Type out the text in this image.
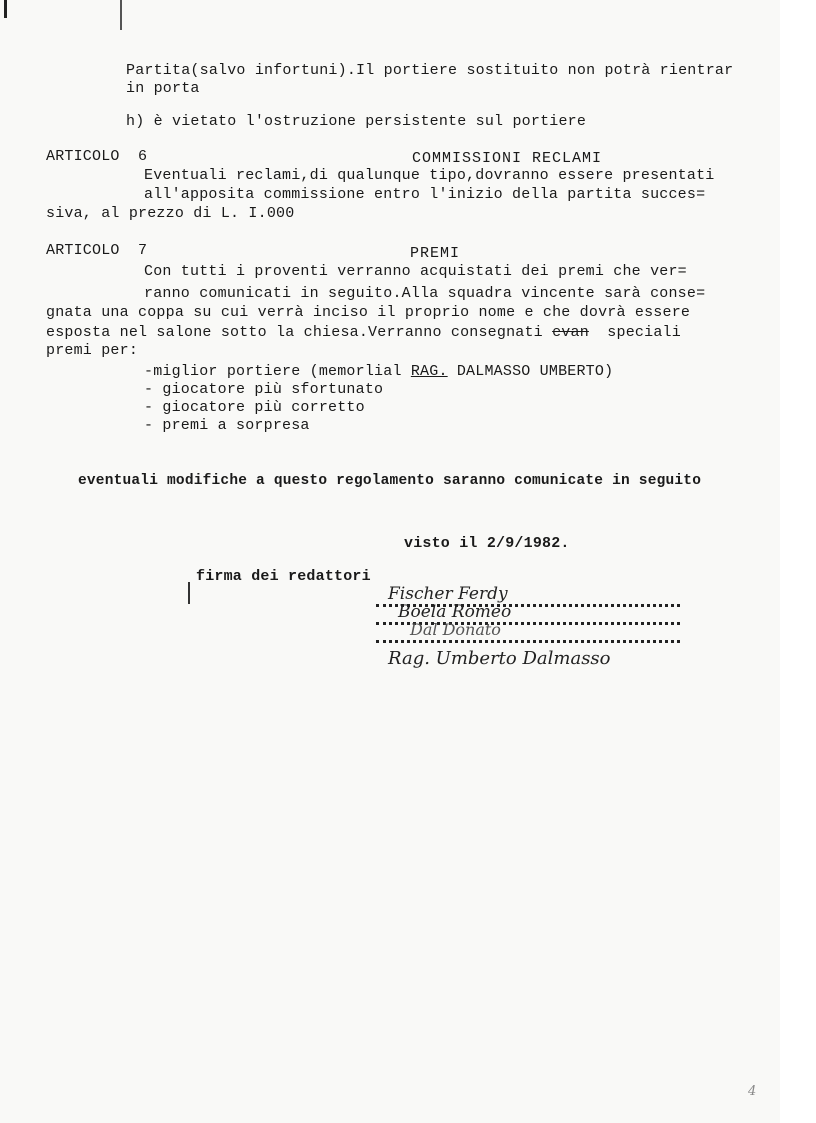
Partita(salvo infortuni).Il portiere sostituito non potrà rientrar
in porta
h) è vietato l'ostruzione persistente sul portiere
ARTICOLO  6	COMMISSIONI RECLAMI
Eventuali reclami,di qualunque tipo,dovranno essere presentati
all'apposita commissione entro l'inizio della partita succes=
siva, al prezzo di L. I.000
ARTICOLO  7	PREMI
Con tutti i proventi verranno acquistati dei premi che ver=
ranno comunicati in seguito.Alla squadra vincente sarà conse=
gnata una coppa su cui verrà inciso il proprio nome e che dovrà essere
esposta nel salone sotto la chiesa.Verranno consegnati evan  speciali
premi per:
-miglior portiere (memorlial RAG. DALMASSO UMBERTO)
- giocatore più sfortunato
- giocatore più corretto
- premi a sorpresa
eventuali modifiche a questo regolamento saranno comunicate in seguito
visto il 2/9/1982.
firma dei redattori
Fischer Ferdy
Boela Romeo
Dal Donato
Rag. Umberto Dalmasso
4
